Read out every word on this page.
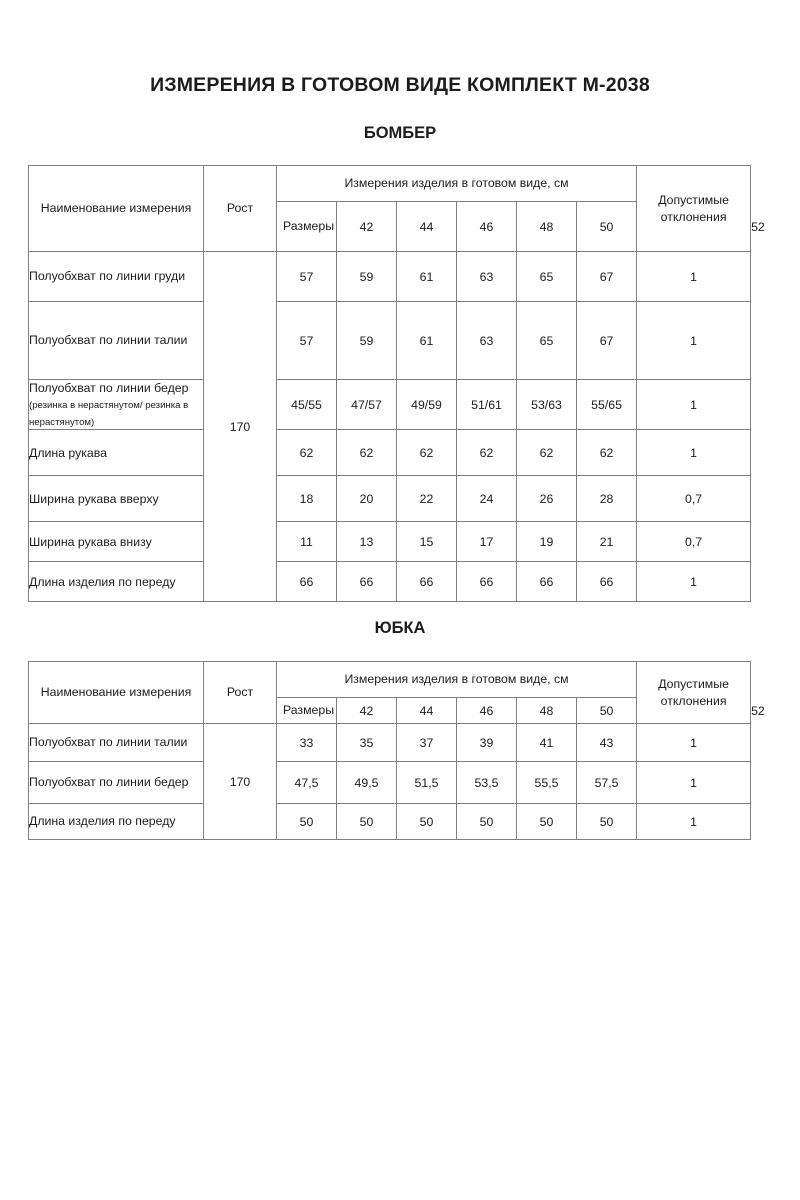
ИЗМЕРЕНИЯ В ГОТОВОМ ВИДЕ КОМПЛЕКТ М-2038
БОМБЕР
Наименование измерения	Рост	Измерения изделия в готовом виде, см						Допустимые отклонения	
		Размеры	42	44	46	48	50		52
Полуобхват по линии груди	170	57	59	61	63	65	67	1	
Полуобхват по линии талии		57	59	61	63	65	67	1	
Полуобхват по линии бедер (резинка в нерастянутом/ резинка в нерастянутом)		45/55	47/57	49/59	51/61	53/63	55/65	1	
Длина рукава		62	62	62	62	62	62	1	
Ширина рукава вверху		18	20	22	24	26	28	0,7	
Ширина рукава внизу		11	13	15	17	19	21	0,7	
Длина изделия по переду		66	66	66	66	66	66	1	
ЮБКА
Наименование измерения	Рост	Измерения изделия в готовом виде, см						Допустимые отклонения	
		Размеры	42	44	46	48	50		52
Полуобхват по линии талии	170	33	35	37	39	41	43	1	
Полуобхват по линии бедер		47,5	49,5	51,5	53,5	55,5	57,5	1	
Длина изделия по переду		50	50	50	50	50	50	1	
